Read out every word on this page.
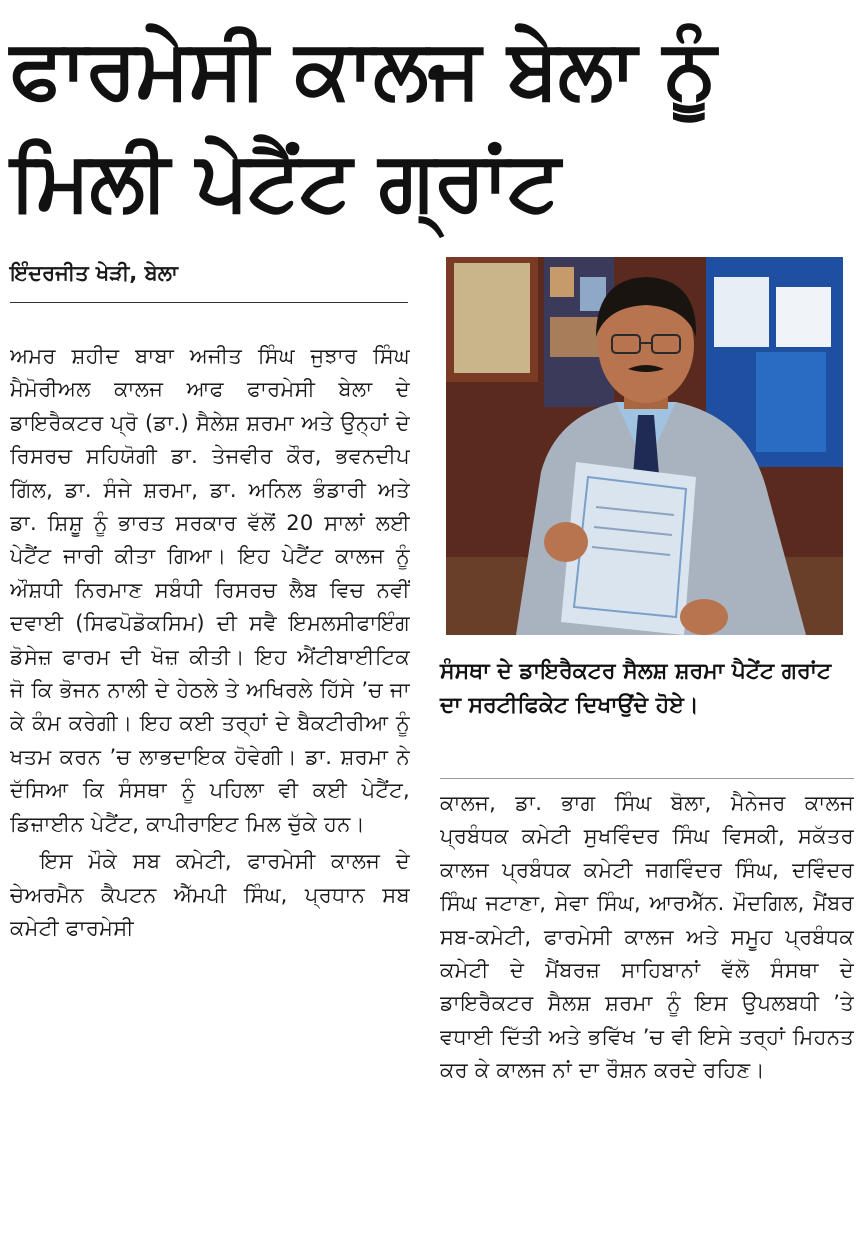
ਫਾਰਮੇਸੀ ਕਾਲਜ ਬੇਲਾ ਨੂੰ ਮਿਲੀ ਪੇਟੈਂਟ ਗ੍ਰਾਂਟ
ਇੰਦਰਜੀਤ ਖੇੜੀ, ਬੇਲਾ

ਅਮਰ ਸ਼ਹੀਦ ਬਾਬਾ ਅਜੀਤ ਸਿੰਘ ਜੁਝਾਰ ਸਿੰਘ ਮੈਮੋਰੀਅਲ ਕਾਲਜ ਆਫ ਫਾਰਮੇਸੀ ਬੇਲਾ ਦੇ ਡਾਇਰੈਕਟਰ ਪ੍ਰੋ (ਡਾ.) ਸੈਲੇਸ਼ ਸ਼ਰਮਾ ਅਤੇ ਉਨ੍ਹਾਂ ਦੇ ਰਿਸਰਚ ਸਹਿਯੋਗੀ ਡਾ. ਤੇਜਵੀਰ ਕੌਰ, ਭਵਨਦੀਪ ਗਿੱਲ, ਡਾ. ਸੰਜੇ ਸ਼ਰਮਾ, ਡਾ. ਅਨਿਲ ਭੰਡਾਰੀ ਅਤੇ ਡਾ. ਸ਼ਿਸ਼ੂ ਨੂੰ ਭਾਰਤ ਸਰਕਾਰ ਵੱਲੋਂ 20 ਸਾਲਾਂ ਲਈ ਪੇਟੈਂਟ ਜਾਰੀ ਕੀਤਾ ਗਿਆ। ਇਹ ਪੇਟੈਂਟ ਕਾਲਜ ਨੂੰ ਔਸ਼ਧੀ ਨਿਰਮਾਣ ਸਬੰਧੀ ਰਿਸਰਚ ਲੈਬ ਵਿਚ ਨਵੀਂ ਦਵਾਈ (ਸਿਫਪੋਡੋਕਸਿਮ) ਦੀ ਸਵੈ ਇਮਲਸੀਫਾਇੰਗ ਡੋਸੇਜ਼ ਫਾਰਮ ਦੀ ਖੋਜ਼ ਕੀਤੀ। ਇਹ ਐਂਟੀਬਾਈਟਿਕ ਜੋ ਕਿ ਭੋਜਨ ਨਾਲੀ ਦੇ ਹੇਠਲੇ ਤੇ ਅਖਿਰਲੇ ਹਿੱਸੇ ’ਚ ਜਾ ਕੇ ਕੰਮ ਕਰੇਗੀ। ਇਹ ਕਈ ਤਰ੍ਹਾਂ ਦੇ ਬੈਕਟੀਰੀਆ ਨੂੰ ਖਤਮ ਕਰਨ ’ਚ ਲਾਭਦਾਇਕ ਹੋਵੇਗੀ। ਡਾ. ਸ਼ਰਮਾ ਨੇ ਦੱਸਿਆ ਕਿ ਸੰਸਥਾ ਨੂੰ ਪਹਿਲਾ ਵੀ ਕਈ ਪੇਟੈਂਟ, ਡਿਜ਼ਾਈਨ ਪੇਟੈਂਟ, ਕਾਪੀਰਾਇਟ ਮਿਲ ਚੁੱਕੇ ਹਨ।

ਇਸ ਮੌਕੇ ਸਬ ਕਮੇਟੀ, ਫਾਰਮੇਸੀ ਕਾਲਜ ਦੇ ਚੇਅਰਮੈਨ ਕੈਪਟਨ ਐੱਮਪੀ ਸਿੰਘ, ਪ੍ਰਧਾਨ ਸਬ ਕਮੇਟੀ ਫਾਰਮੇਸੀ

ਸੰਸਥਾ ਦੇ ਡਾਇਰੈਕਟਰ ਸੈਲਸ਼ ਸ਼ਰਮਾ ਪੈਟੇਂਟ ਗਰਾਂਟ ਦਾ ਸਰਟੀਫਿਕੇਟ ਦਿਖਾਉਂਦੇ ਹੋਏ।

ਕਾਲਜ, ਡਾ. ਭਾਗ ਸਿੰਘ ਬੋਲਾ, ਮੈਨੇਜਰ ਕਾਲਜ ਪ੍ਰਬੰਧਕ ਕਮੇਟੀ ਸੁਖਵਿੰਦਰ ਸਿੰਘ ਵਿਸਕੀ, ਸਕੱਤਰ ਕਾਲਜ ਪ੍ਰਬੰਧਕ ਕਮੇਟੀ ਜਗਵਿੰਦਰ ਸਿੰਘ, ਦਵਿੰਦਰ ਸਿੰਘ ਜਟਾਣਾ, ਸੇਵਾ ਸਿੰਘ, ਆਰਐੱਨ. ਮੌਦਗਿਲ, ਮੈਂਬਰ ਸਬ-ਕਮੇਟੀ, ਫਾਰਮੇਸੀ ਕਾਲਜ ਅਤੇ ਸਮੂਹ ਪ੍ਰਬੰਧਕ ਕਮੇਟੀ ਦੇ ਮੈਂਬਰਜ਼ ਸਾਹਿਬਾਨਾਂ ਵੱਲੋ ਸੰਸਥਾ ਦੇ ਡਾਇਰੈਕਟਰ ਸੈਲਸ਼ ਸ਼ਰਮਾ ਨੂੰ ਇਸ ਉਪਲਬਧੀ ’ਤੇ ਵਧਾਈ ਦਿੱਤੀ ਅਤੇ ਭਵਿੱਖ ’ਚ ਵੀ ਇਸੇ ਤਰ੍ਹਾਂ ਮਿਹਨਤ ਕਰ ਕੇ ਕਾਲਜ ਨਾਂ ਦਾ ਰੌਸ਼ਨ ਕਰਦੇ ਰਹਿਣ।
